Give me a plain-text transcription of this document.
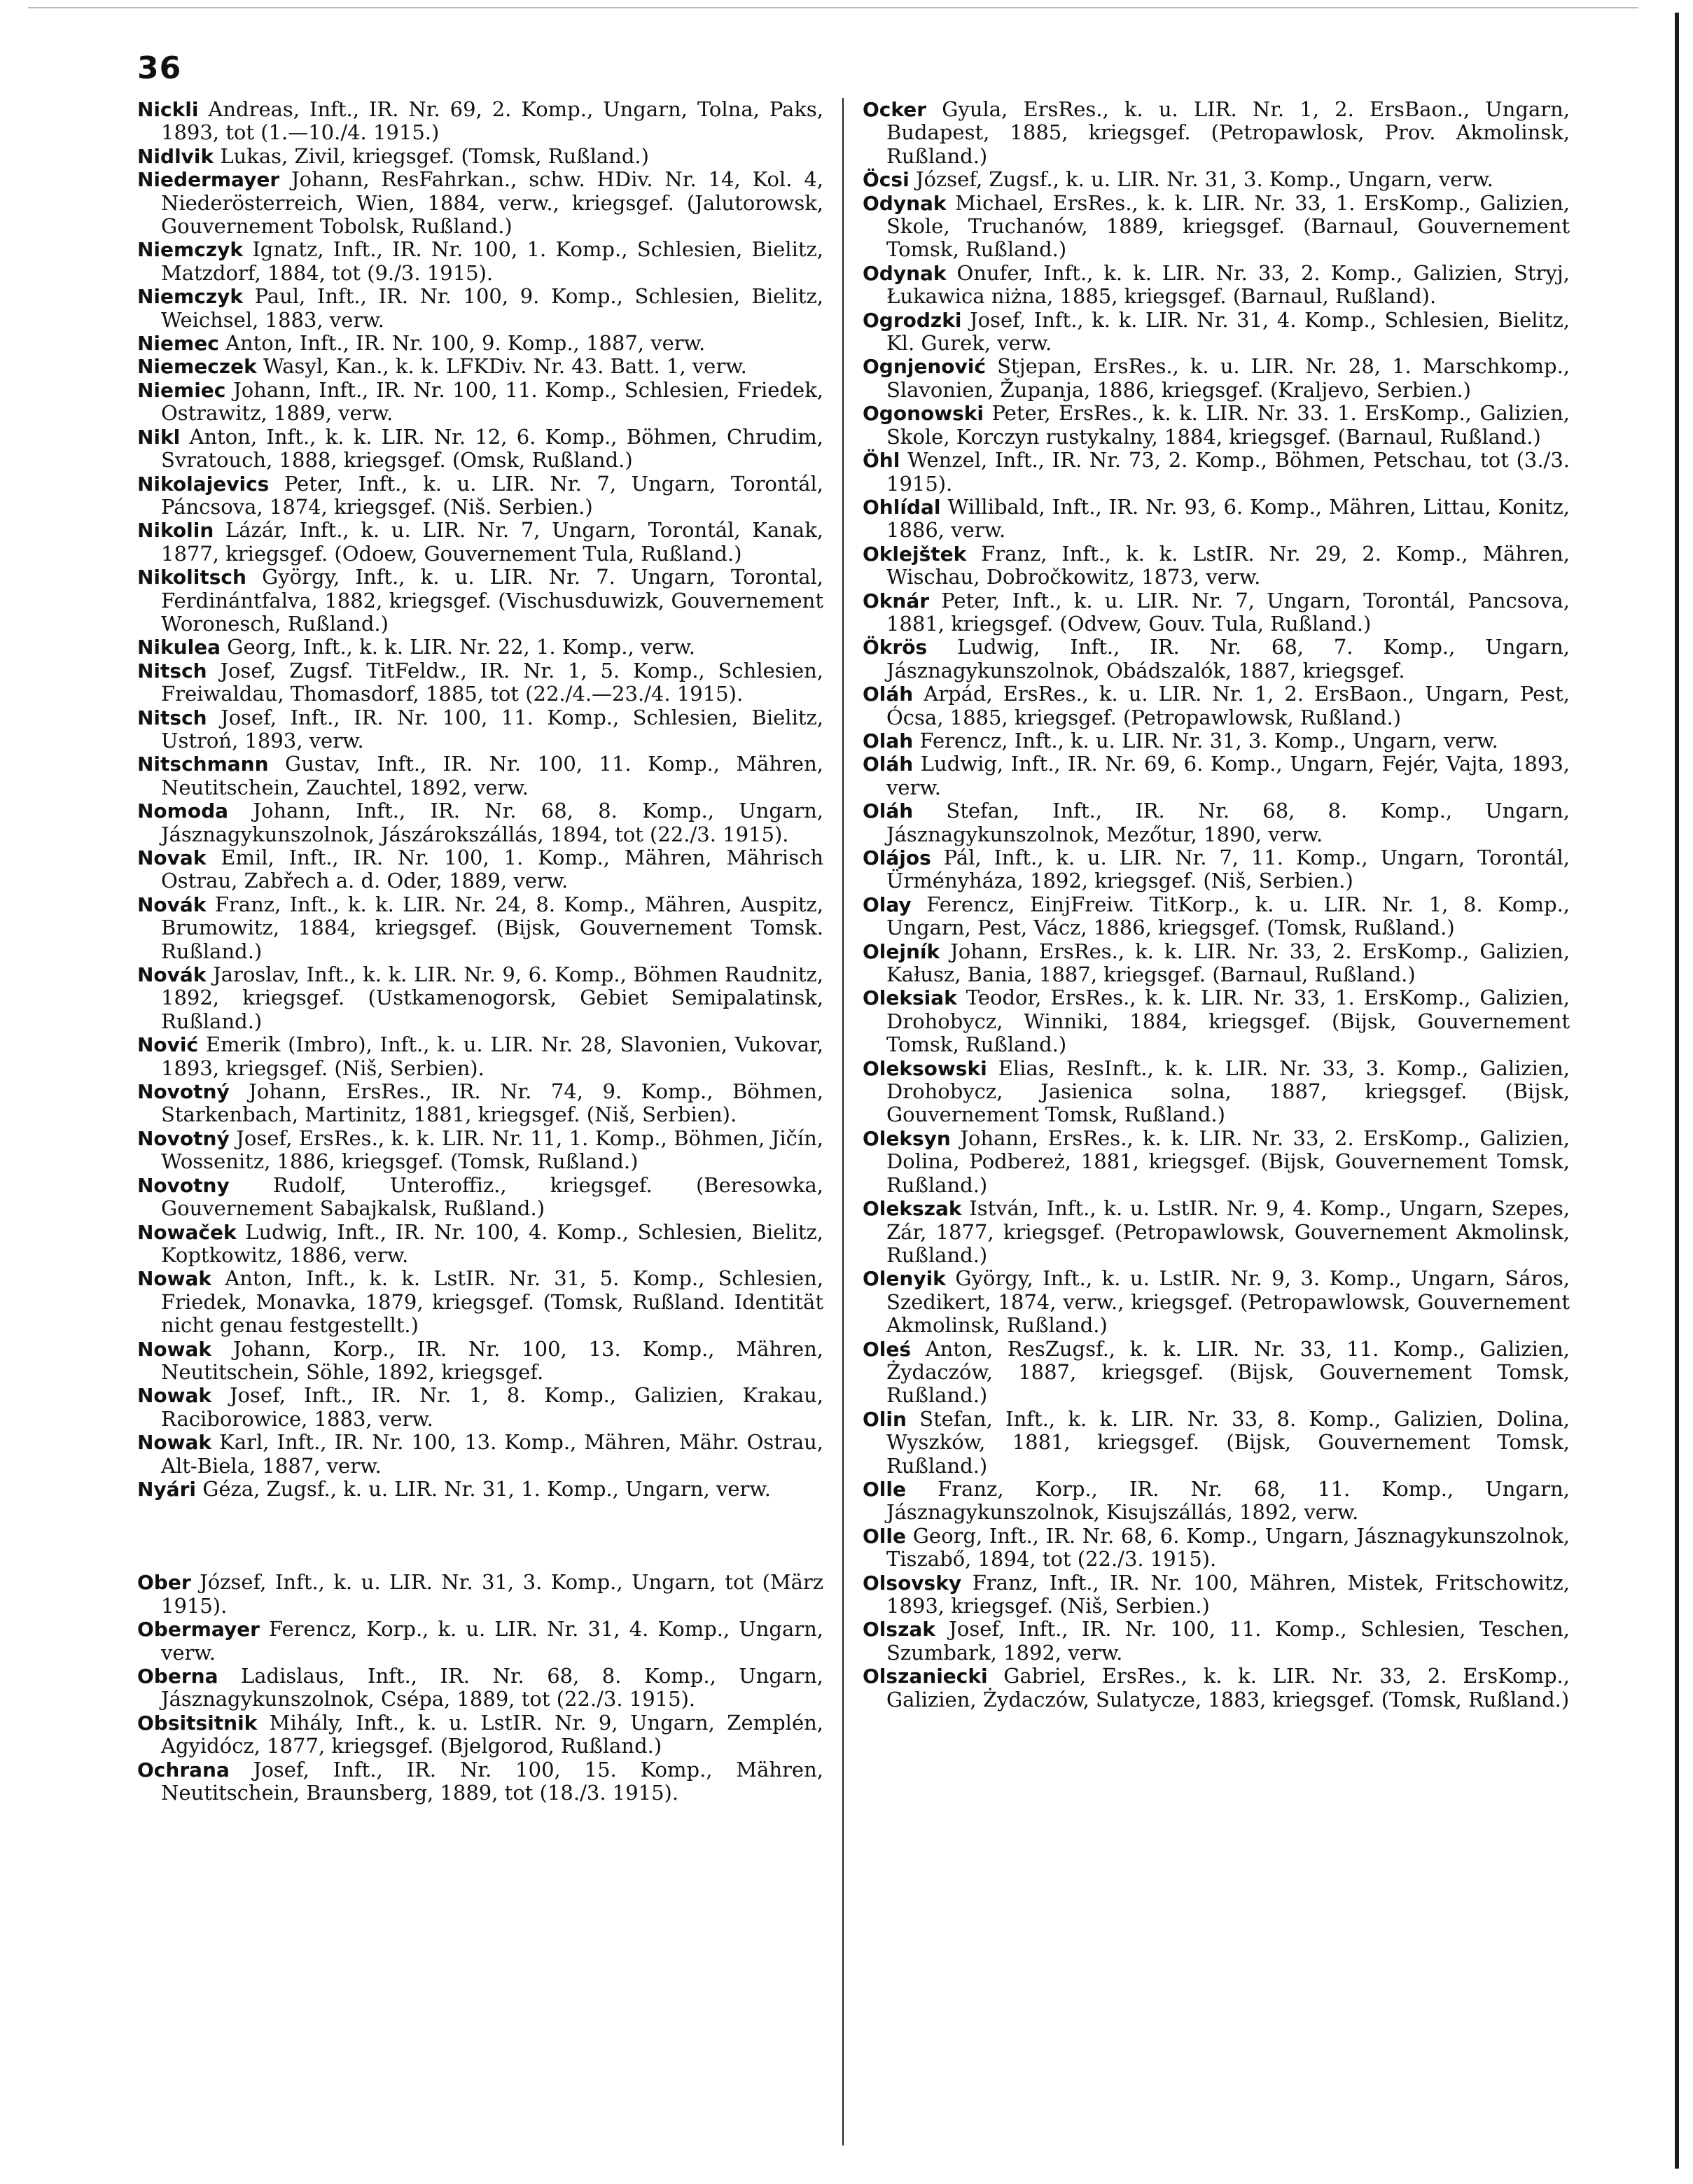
36

Nickli Andreas, Inft., IR. Nr. 69, 2. Komp., Ungarn, Tolna, Paks, 1893, tot (1.—10./4. 1915.)

Nidlvik Lukas, Zivil, kriegsgef. (Tomsk, Rußland.)

Niedermayer Johann, ResFahrkan., schw. HDiv. Nr. 14, Kol. 4, Niederösterreich, Wien, 1884, verw., kriegsgef. (Jalutorowsk, Gouvernement Tobolsk, Rußland.)

Niemczyk Ignatz, Inft., IR. Nr. 100, 1. Komp., Schlesien, Bielitz, Matzdorf, 1884, tot (9./3. 1915).

Niemczyk Paul, Inft., IR. Nr. 100, 9. Komp., Schlesien, Bielitz, Weichsel, 1883, verw.

Niemec Anton, Inft., IR. Nr. 100, 9. Komp., 1887, verw.

Niemeczek Wasyl, Kan., k. k. LFKDiv. Nr. 43. Batt. 1, verw.

Niemiec Johann, Inft., IR. Nr. 100, 11. Komp., Schlesien, Friedek, Ostrawitz, 1889, verw.

Nikl Anton, Inft., k. k. LIR. Nr. 12, 6. Komp., Böhmen, Chrudim, Svratouch, 1888, kriegsgef. (Omsk, Rußland.)

Nikolajevics Peter, Inft., k. u. LIR. Nr. 7, Ungarn, Torontál, Páncsova, 1874, kriegsgef. (Niš. Serbien.)

Nikolin Lázár, Inft., k. u. LIR. Nr. 7, Ungarn, Torontál, Kanak, 1877, kriegsgef. (Odoew, Gouvernement Tula, Rußland.)

Nikolitsch György, Inft., k. u. LIR. Nr. 7. Ungarn, Torontal, Ferdinántfalva, 1882, kriegsgef. (Vischusduwizk, Gouvernement Woronesch, Rußland.)

Nikulea Georg, Inft., k. k. LIR. Nr. 22, 1. Komp., verw.

Nitsch Josef, Zugsf. TitFeldw., IR. Nr. 1, 5. Komp., Schlesien, Freiwaldau, Thomasdorf, 1885, tot (22./4.—23./4. 1915).

Nitsch Josef, Inft., IR. Nr. 100, 11. Komp., Schlesien, Bielitz, Ustroń, 1893, verw.

Nitschmann Gustav, Inft., IR. Nr. 100, 11. Komp., Mähren, Neutitschein, Zauchtel, 1892, verw.

Nomoda Johann, Inft., IR. Nr. 68, 8. Komp., Ungarn, Jásznagykunszolnok, Jászárokszállás, 1894, tot (22./3. 1915).

Novak Emil, Inft., IR. Nr. 100, 1. Komp., Mähren, Mährisch Ostrau, Zabřech a. d. Oder, 1889, verw.

Novák Franz, Inft., k. k. LIR. Nr. 24, 8. Komp., Mähren, Auspitz, Brumowitz, 1884, kriegsgef. (Bijsk, Gouvernement Tomsk. Rußland.)

Novák Jaroslav, Inft., k. k. LIR. Nr. 9, 6. Komp., Böhmen Raudnitz, 1892, kriegsgef. (Ustkamenogorsk, Gebiet Semipalatinsk, Rußland.)

Nović Emerik (Imbro), Inft., k. u. LIR. Nr. 28, Slavonien, Vukovar, 1893, kriegsgef. (Niš, Serbien).

Novotný Johann, ErsRes., IR. Nr. 74, 9. Komp., Böhmen, Starkenbach, Martinitz, 1881, kriegsgef. (Niš, Serbien).

Novotný Josef, ErsRes., k. k. LIR. Nr. 11, 1. Komp., Böhmen, Jičín, Wossenitz, 1886, kriegsgef. (Tomsk, Rußland.)

Novotny Rudolf, Unteroffiz., kriegsgef. (Beresowka, Gouvernement Sabajkalsk, Rußland.)

Nowaček Ludwig, Inft., IR. Nr. 100, 4. Komp., Schlesien, Bielitz, Koptkowitz, 1886, verw.

Nowak Anton, Inft., k. k. LstIR. Nr. 31, 5. Komp., Schlesien, Friedek, Monavka, 1879, kriegsgef. (Tomsk, Rußland. Identität nicht genau festgestellt.)

Nowak Johann, Korp., IR. Nr. 100, 13. Komp., Mähren, Neutitschein, Söhle, 1892, kriegsgef.

Nowak Josef, Inft., IR. Nr. 1, 8. Komp., Galizien, Krakau, Raciborowice, 1883, verw.

Nowak Karl, Inft., IR. Nr. 100, 13. Komp., Mähren, Mähr. Ostrau, Alt-Biela, 1887, verw.

Nyári Géza, Zugsf., k. u. LIR. Nr. 31, 1. Komp., Ungarn, verw.

Ober József, Inft., k. u. LIR. Nr. 31, 3. Komp., Ungarn, tot (März 1915).

Obermayer Ferencz, Korp., k. u. LIR. Nr. 31, 4. Komp., Ungarn, verw.

Oberna Ladislaus, Inft., IR. Nr. 68, 8. Komp., Ungarn, Jásznagykunszolnok, Csépa, 1889, tot (22./3. 1915).

Obsitsitnik Mihály, Inft., k. u. LstIR. Nr. 9, Ungarn, Zemplén, Agyidócz, 1877, kriegsgef. (Bjelgorod, Rußland.)

Ochrana Josef, Inft., IR. Nr. 100, 15. Komp., Mähren, Neutitschein, Braunsberg, 1889, tot (18./3. 1915).

Ocker Gyula, ErsRes., k. u. LIR. Nr. 1, 2. ErsBaon., Ungarn, Budapest, 1885, kriegsgef. (Petropawlosk, Prov. Akmolinsk, Rußland.)

Öcsi József, Zugsf., k. u. LIR. Nr. 31, 3. Komp., Ungarn, verw.

Odynak Michael, ErsRes., k. k. LIR. Nr. 33, 1. ErsKomp., Galizien, Skole, Truchanów, 1889, kriegsgef. (Barnaul, Gouvernement Tomsk, Rußland.)

Odynak Onufer, Inft., k. k. LIR. Nr. 33, 2. Komp., Galizien, Stryj, Łukawica niżna, 1885, kriegsgef. (Barnaul, Rußland).

Ogrodzki Josef, Inft., k. k. LIR. Nr. 31, 4. Komp., Schlesien, Bielitz, Kl. Gurek, verw.

Ognjenović Stjepan, ErsRes., k. u. LIR. Nr. 28, 1. Marschkomp., Slavonien, Županja, 1886, kriegsgef. (Kraljevo, Serbien.)

Ogonowski Peter, ErsRes., k. k. LIR. Nr. 33. 1. ErsKomp., Galizien, Skole, Korczyn rustykalny, 1884, kriegsgef. (Barnaul, Rußland.)

Öhl Wenzel, Inft., IR. Nr. 73, 2. Komp., Böhmen, Petschau, tot (3./3. 1915).

Ohlídal Willibald, Inft., IR. Nr. 93, 6. Komp., Mähren, Littau, Konitz, 1886, verw.

Oklejštek Franz, Inft., k. k. LstIR. Nr. 29, 2. Komp., Mähren, Wischau, Dobročkowitz, 1873, verw.

Oknár Peter, Inft., k. u. LIR. Nr. 7, Ungarn, Torontál, Pancsova, 1881, kriegsgef. (Odvew, Gouv. Tula, Rußland.)

Ökrös Ludwig, Inft., IR. Nr. 68, 7. Komp., Ungarn, Jásznagykunszolnok, Obádszalók, 1887, kriegsgef.

Oláh Arpád, ErsRes., k. u. LIR. Nr. 1, 2. ErsBaon., Ungarn, Pest, Ócsa, 1885, kriegsgef. (Petropawlowsk, Rußland.)

Olah Ferencz, Inft., k. u. LIR. Nr. 31, 3. Komp., Ungarn, verw.

Oláh Ludwig, Inft., IR. Nr. 69, 6. Komp., Ungarn, Fejér, Vajta, 1893, verw.

Oláh Stefan, Inft., IR. Nr. 68, 8. Komp., Ungarn, Jásznagykunszolnok, Mezőtur, 1890, verw.

Olájos Pál, Inft., k. u. LIR. Nr. 7, 11. Komp., Ungarn, Torontál, Ürményháza, 1892, kriegsgef. (Niš, Serbien.)

Olay Ferencz, EinjFreiw. TitKorp., k. u. LIR. Nr. 1, 8. Komp., Ungarn, Pest, Vácz, 1886, kriegsgef. (Tomsk, Rußland.)

Olejník Johann, ErsRes., k. k. LIR. Nr. 33, 2. ErsKomp., Galizien, Kałusz, Bania, 1887, kriegsgef. (Barnaul, Rußland.)

Oleksiak Teodor, ErsRes., k. k. LIR. Nr. 33, 1. ErsKomp., Galizien, Drohobycz, Winniki, 1884, kriegsgef. (Bijsk, Gouvernement Tomsk, Rußland.)

Oleksowski Elias, ResInft., k. k. LIR. Nr. 33, 3. Komp., Galizien, Drohobycz, Jasienica solna, 1887, kriegsgef. (Bijsk, Gouvernement Tomsk, Rußland.)

Oleksyn Johann, ErsRes., k. k. LIR. Nr. 33, 2. ErsKomp., Galizien, Dolina, Podbereż, 1881, kriegsgef. (Bijsk, Gouvernement Tomsk, Rußland.)

Olekszak István, Inft., k. u. LstIR. Nr. 9, 4. Komp., Ungarn, Szepes, Zár, 1877, kriegsgef. (Petropawlowsk, Gouvernement Akmolinsk, Rußland.)

Olenyik György, Inft., k. u. LstIR. Nr. 9, 3. Komp., Ungarn, Sáros, Szedikert, 1874, verw., kriegsgef. (Petropawlowsk, Gouvernement Akmolinsk, Rußland.)

Oleś Anton, ResZugsf., k. k. LIR. Nr. 33, 11. Komp., Galizien, Żydaczów, 1887, kriegsgef. (Bijsk, Gouvernement Tomsk, Rußland.)

Olin Stefan, Inft., k. k. LIR. Nr. 33, 8. Komp., Galizien, Dolina, Wyszków, 1881, kriegsgef. (Bijsk, Gouvernement Tomsk, Rußland.)

Olle Franz, Korp., IR. Nr. 68, 11. Komp., Ungarn, Jásznagykunszolnok, Kisujszállás, 1892, verw.

Olle Georg, Inft., IR. Nr. 68, 6. Komp., Ungarn, Jásznagykunszolnok, Tiszabő, 1894, tot (22./3. 1915).

Olsovsky Franz, Inft., IR. Nr. 100, Mähren, Mistek, Fritschowitz, 1893, kriegsgef. (Niš, Serbien.)

Olszak Josef, Inft., IR. Nr. 100, 11. Komp., Schlesien, Teschen, Szumbark, 1892, verw.

Olszaniecki Gabriel, ErsRes., k. k. LIR. Nr. 33, 2. ErsKomp., Galizien, Żydaczów, Sulatycze, 1883, kriegsgef. (Tomsk, Rußland.)
